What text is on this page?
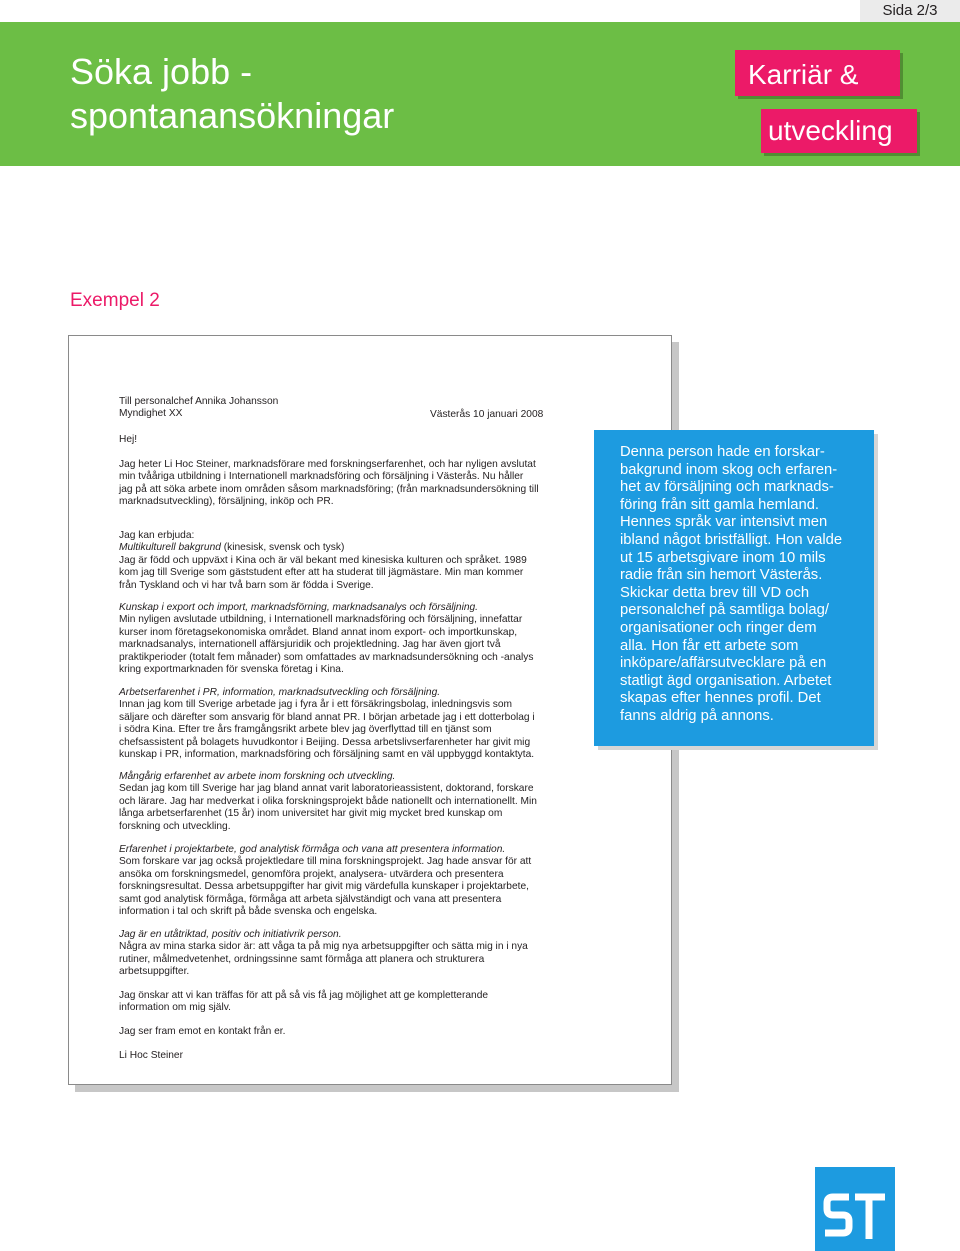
Sida 2/3
Söka jobb -
spontanansökningar
Karriär &
utveckling
Exempel 2

Till personalchef Annika Johansson

Myndighet XX	Västerås 10 januari 2008
Hej!

Jag heter Li Hoc Steiner, marknadsförare med forskningserfarenhet, och har nyligen avslutat

min tvååriga utbildning i Internationell marknadsföring och försäljning i Västerås. Nu håller

jag på att söka arbete inom områden såsom marknadsföring; (från marknadsundersökning till

marknadsutveckling), försäljning, inköp och PR.

Jag kan erbjuda:

Multikulturell bakgrund (kinesisk, svensk och tysk)

Jag är född och uppväxt i Kina och är väl bekant med kinesiska kulturen och språket. 1989

kom jag till Sverige som gäststudent efter att ha studerat till jägmästare. Min man kommer

från Tyskland och vi har två barn som är födda i Sverige.

Kunskap i export och import, marknadsförning, marknadsanalys och försäljning.

Min nyligen avslutade utbildning, i Internationell marknadsföring och försäljning, innefattar

kurser inom företagsekonomiska området. Bland annat inom export- och importkunskap,

marknadsanalys, internationell affärsjuridik och projektledning. Jag har även gjort två

praktikperioder (totalt fem månader) som omfattades av marknadsundersökning och -analys

kring exportmarknaden för svenska företag i Kina.

Arbetserfarenhet i PR, information, marknadsutveckling och försäljning.

Innan jag kom till Sverige arbetade jag i fyra år i ett försäkringsbolag, inledningsvis som

säljare och därefter som ansvarig för bland annat PR. I början arbetade jag i ett dotterbolag i

i södra Kina. Efter tre års framgångsrikt arbete blev jag överflyttad till en tjänst som

chefsassistent på bolagets huvudkontor i Beijing. Dessa arbetslivserfarenheter har givit mig

kunskap i PR, information, marknadsföring och försäljning samt en väl uppbyggd kontaktyta.

Mångårig erfarenhet av arbete inom forskning och utveckling.

Sedan jag kom till Sverige har jag bland annat varit laboratorieassistent, doktorand, forskare

och lärare. Jag har medverkat i olika forskningsprojekt både nationellt och internationellt. Min

långa arbetserfarenhet (15 år) inom universitet har givit mig mycket bred kunskap om

forskning och utveckling.

Erfarenhet i projektarbete, god analytisk förmåga och vana att presentera information.

Som forskare var jag också projektledare till mina forskningsprojekt. Jag hade ansvar för att

ansöka om forskningsmedel, genomföra projekt, analysera- utvärdera och presentera

forskningsresultat. Dessa arbetsuppgifter har givit mig värdefulla kunskaper i projektarbete,

samt god analytisk förmåga, förmåga att arbeta självständigt och vana att presentera

information i tal och skrift på både svenska och engelska.

Jag är en utåtriktad, positiv och initiativrik person.

Några av mina starka sidor är: att våga ta på mig nya arbetsuppgifter och sätta mig in i nya

rutiner, målmedvetenhet, ordningssinne samt förmåga att planera och strukturera

arbetsuppgifter.

Jag önskar att vi kan träffas för att på så vis få jag möjlighet att ge kompletterande

information om mig själv.

Jag ser fram emot en kontakt från er.
Li Hoc Steiner
Denna person hade en forskar-
bakgrund inom skog och erfaren-
het av försäljning och marknads-
föring från sitt gamla hemland.
Hennes språk var intensivt men
ibland något bristfälligt. Hon valde
ut 15 arbetsgivare inom 10 mils
radie från sin hemort Västerås.
Skickar detta brev till VD och
personalchef på samtliga bolag/
organisationer och ringer dem
alla. Hon får ett arbete som
inköpare/affärsutvecklare på en
statligt ägd organisation. Arbetet
skapas efter hennes profil. Det
fanns aldrig på annons.
